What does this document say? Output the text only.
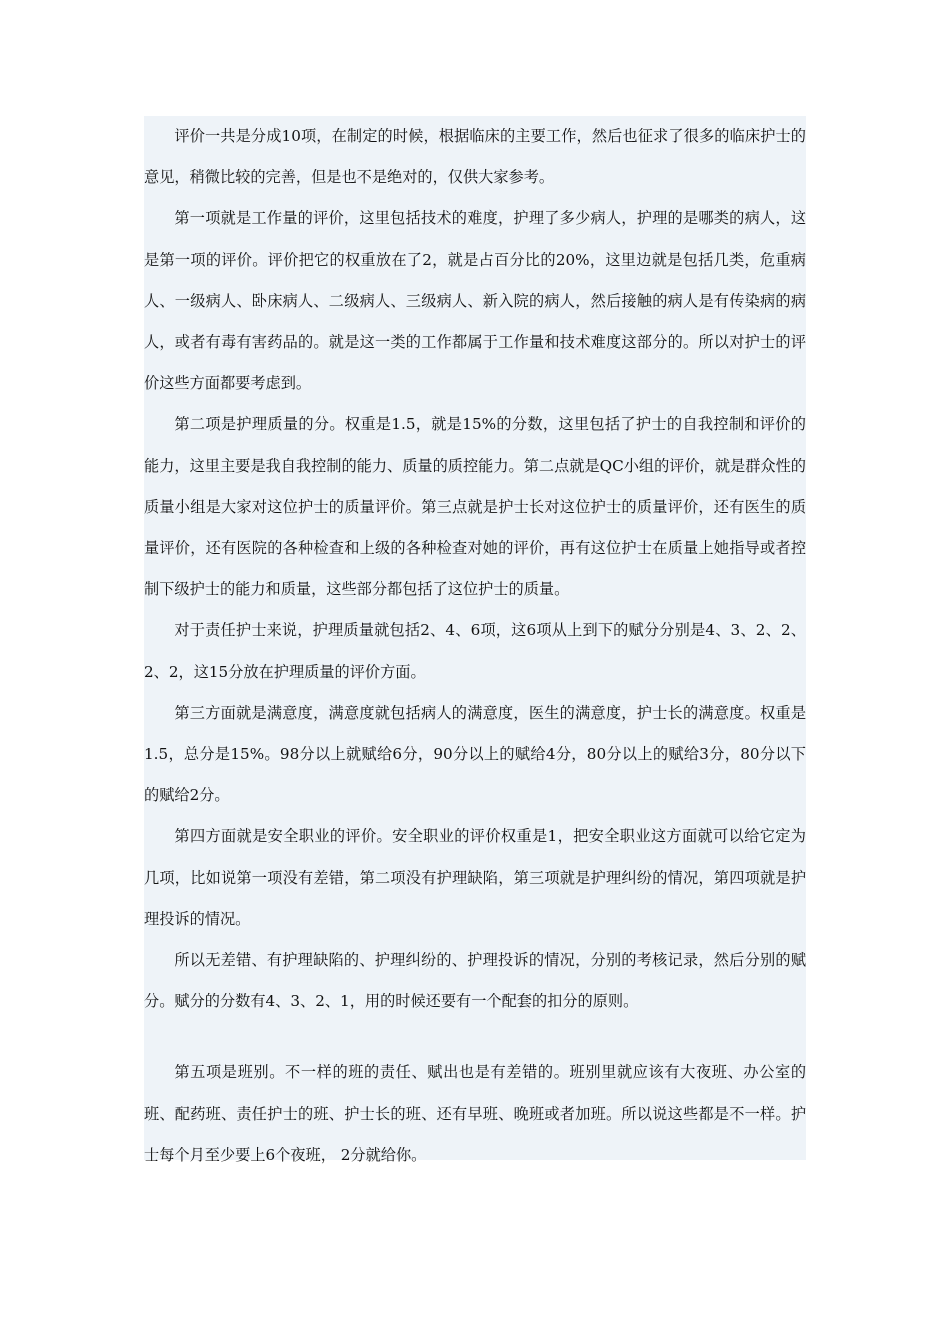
评价一共是分成10项，在制定的时候，根据临床的主要工作，然后也征求了很多的临床护士的意见，稍微比较的完善，但是也不是绝对的，仅供大家参考。

第一项就是工作量的评价，这里包括技术的难度，护理了多少病人，护理的是哪类的病人，这是第一项的评价。评价把它的权重放在了2，就是占百分比的20%，这里边就是包括几类，危重病人、一级病人、卧床病人、二级病人、三级病人、新入院的病人，然后接触的病人是有传染病的病人，或者有毒有害药品的。就是这一类的工作都属于工作量和技术难度这部分的。所以对护士的评价这些方面都要考虑到。

第二项是护理质量的分。权重是1.5，就是15%的分数，这里包括了护士的自我控制和评价的能力，这里主要是我自我控制的能力、质量的质控能力。第二点就是QC小组的评价，就是群众性的质量小组是大家对这位护士的质量评价。第三点就是护士长对这位护士的质量评价，还有医生的质量评价，还有医院的各种检查和上级的各种检查对她的评价，再有这位护士在质量上她指导或者控制下级护士的能力和质量，这些部分都包括了这位护士的质量。

对于责任护士来说，护理质量就包括2、4、6项，这6项从上到下的赋分分别是4、3、2、2、2、2，这15分放在护理质量的评价方面。

第三方面就是满意度，满意度就包括病人的满意度，医生的满意度，护士长的满意度。权重是1.5，总分是15%。98分以上就赋给6分，90分以上的赋给4分，80分以上的赋给3分，80分以下的赋给2分。

第四方面就是安全职业的评价。安全职业的评价权重是1，把安全职业这方面就可以给它定为几项，比如说第一项没有差错，第二项没有护理缺陷，第三项就是护理纠纷的情况，第四项就是护理投诉的情况。

所以无差错、有护理缺陷的、护理纠纷的、护理投诉的情况，分别的考核记录，然后分别的赋分。赋分的分数有4、3、2、1，用的时候还要有一个配套的扣分的原则。

第五项是班别。不一样的班的责任、赋出也是有差错的。班别里就应该有大夜班、办公室的班、配药班、责任护士的班、护士长的班、还有早班、晚班或者加班。所以说这些都是不一样。护士每个月至少要上6个夜班， 2分就给你。
